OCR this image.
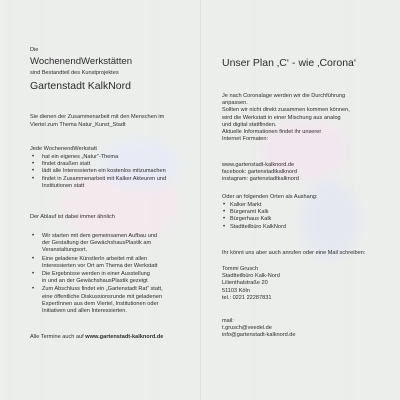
Die

WochenendWerkstätten

sind Bestandteil des Kunstprojektes

Gartenstadt KalkNord

Sie dienen der Zusammenarbeit mit den Menschen im

Viertel zum Thema Natur_Kunst_Stadt

Jede WochenendWerkstatt

• hat ein eigenes „Natur“-Thema
• findet draußen statt
• lädt alle Interessierten ein kostenlos mitzumachen
• findet in Zusammenarbeit mit Kalker Akteuren und
Institutionen statt

Der Ablauf ist dabei immer ähnlich

• Wir starten mit dem gemeinsamen Aufbau und
der Gestaltung der GewächshausPlastik am
Veranstaltungsort.
• Eine geladene KünstlerIn arbeitet mit allen
Interessierten vor Ort am Thema der Werkstatt
• Die Ergebnisse werden in einer Ausstellung
in und an der GewächshausPlastik gezeigt
• Zum Abschluss findet ein „Gartenstadt Rat“ statt,
eine öffentliche Diskussionsrunde mit geladenen
ExpertInnen aus dem Viertel, Institutionen oder
Initiativen und allen Interessierten.

Alle Termine auch auf www.gartenstadt-kalknord.de

Unser Plan ‚C‘ - wie ‚Corona‘

Je nach Coronalage werden wir die Durchführung

anpassen.

Sollten wir nicht direkt zusammen kommen können,

wird die Werkstatt in einer Mischung aus analog

und digital stattfinden.

Aktuelle Informationen findet ihr unserer

Internet Formaten:

www.gartenstadt-kalknord.de

facebook: gartenstadtkalknord

instagram: gartenstadtkalknord

Oder an folgenden Orten als Aushang:

• Kalker Markt
• Bürgeramt Kalk
• Bürgerhaus Kalk
• Stadtteilbüro KalkNord

Ihr könnt uns aber auch anrufen oder eine Mail schreiben:

Tommi Grusch

Stadtteilbüro Kalk-Nord

Lilienthalstraße 20

51103 Köln

tel.: 0221 22287831

mail:

t.grusch@veedel.de

info@gartenstadt-kalknord.de
